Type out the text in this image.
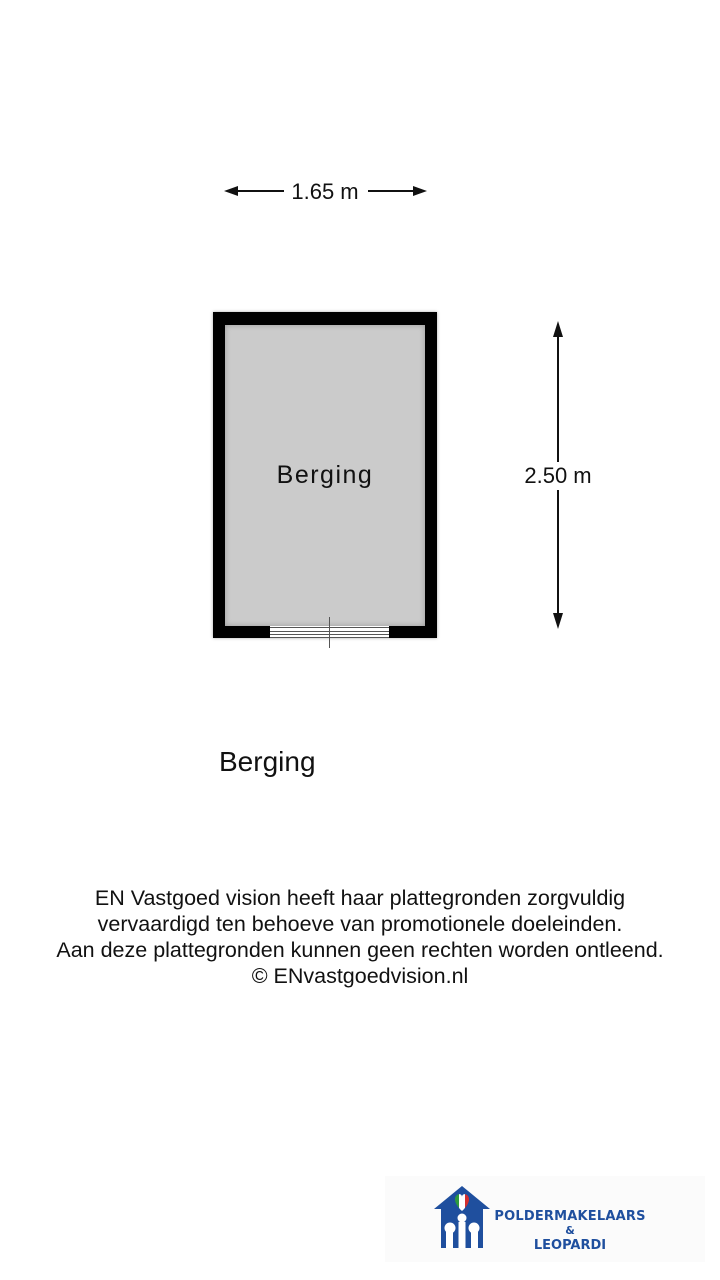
1.65 m
Berging	2.50 m
Berging
EN Vastgoed vision heeft haar plattegronden zorgvuldig
vervaardigd ten behoeve van promotionele doeleinden.
Aan deze plattegronden kunnen geen rechten worden ontleend.
© ENvastgoedvision.nl
POLDERMAKELAARS
&
LEOPARDI
